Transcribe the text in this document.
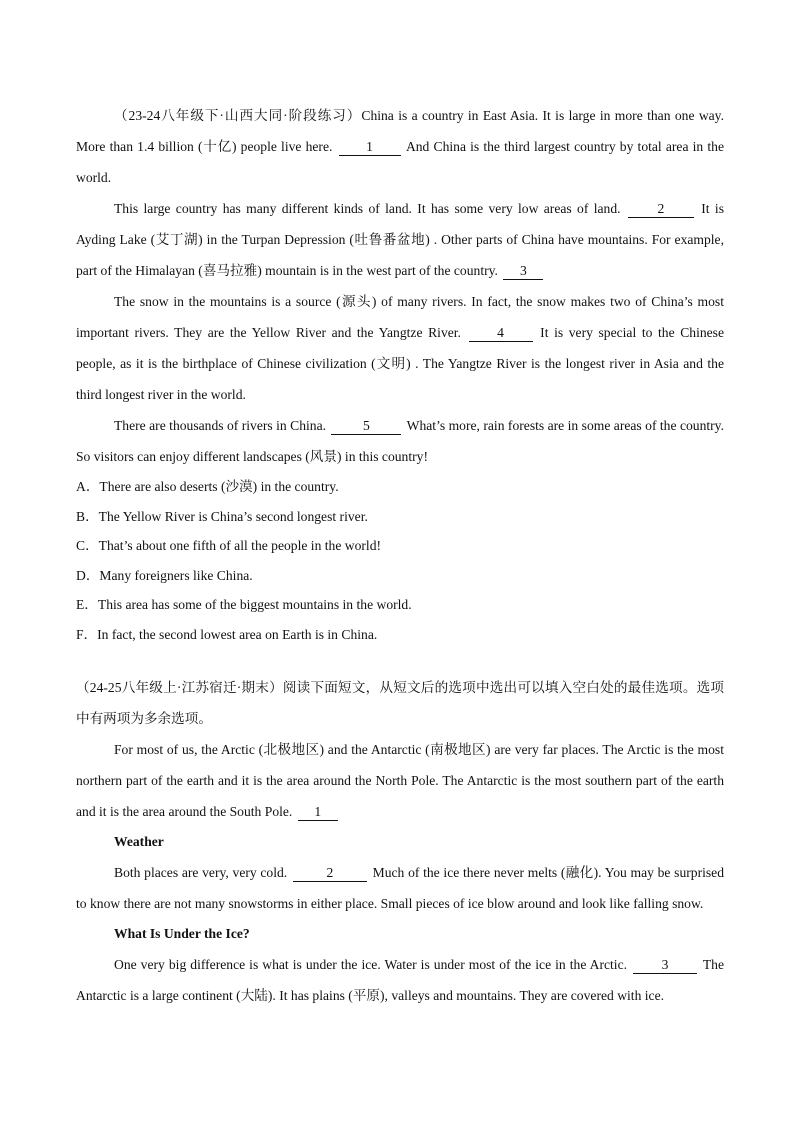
（23-24八年级下·山西大同·阶段练习）China is a country in East Asia. It is large in more than one way. More than 1.4 billion (十亿) people live here. 1 And China is the third largest country by total area in the world.

This large country has many different kinds of land. It has some very low areas of land. 2 It is Ayding Lake (艾丁湖) in the Turpan Depression (吐鲁番盆地) . Other parts of China have mountains. For example, part of the Himalayan (喜马拉雅) mountain is in the west part of the country. 3

The snow in the mountains is a source (源头) of many rivers. In fact, the snow makes two of China’s most important rivers. They are the Yellow River and the Yangtze River. 4 It is very special to the Chinese people, as it is the birthplace of Chinese civilization (文明) . The Yangtze River is the longest river in Asia and the third longest river in the world.

There are thousands of rivers in China. 5 What’s more, rain forests are in some areas of the country. So visitors can enjoy different landscapes (风景) in this country!

A．There are also deserts (沙漠) in the country.

B．The Yellow River is China’s second longest river.

C．That’s about one fifth of all the people in the world!

D．Many foreigners like China.

E．This area has some of the biggest mountains in the world.

F．In fact, the second lowest area on Earth is in China.

（24-25八年级上·江苏宿迁·期末）阅读下面短文，从短文后的选项中选出可以填入空白处的最佳选项。选项中有两项为多余选项。

For most of us, the Arctic (北极地区) and the Antarctic (南极地区) are very far places. The Arctic is the most northern part of the earth and it is the area around the North Pole. The Antarctic is the most southern part of the earth and it is the area around the South Pole. 1

Weather

Both places are very, very cold.	2	Much of the ice there never melts (融化). You may be surprised to know there are not many snowstorms in either place. Small pieces of ice blow around and look like falling snow.

What Is Under the Ice?

One very big difference is what is under the ice. Water is under most of the ice in the Arctic. 3 The Antarctic is a large continent (大陆). It has plains (平原), valleys and mountains. They are covered with ice.
